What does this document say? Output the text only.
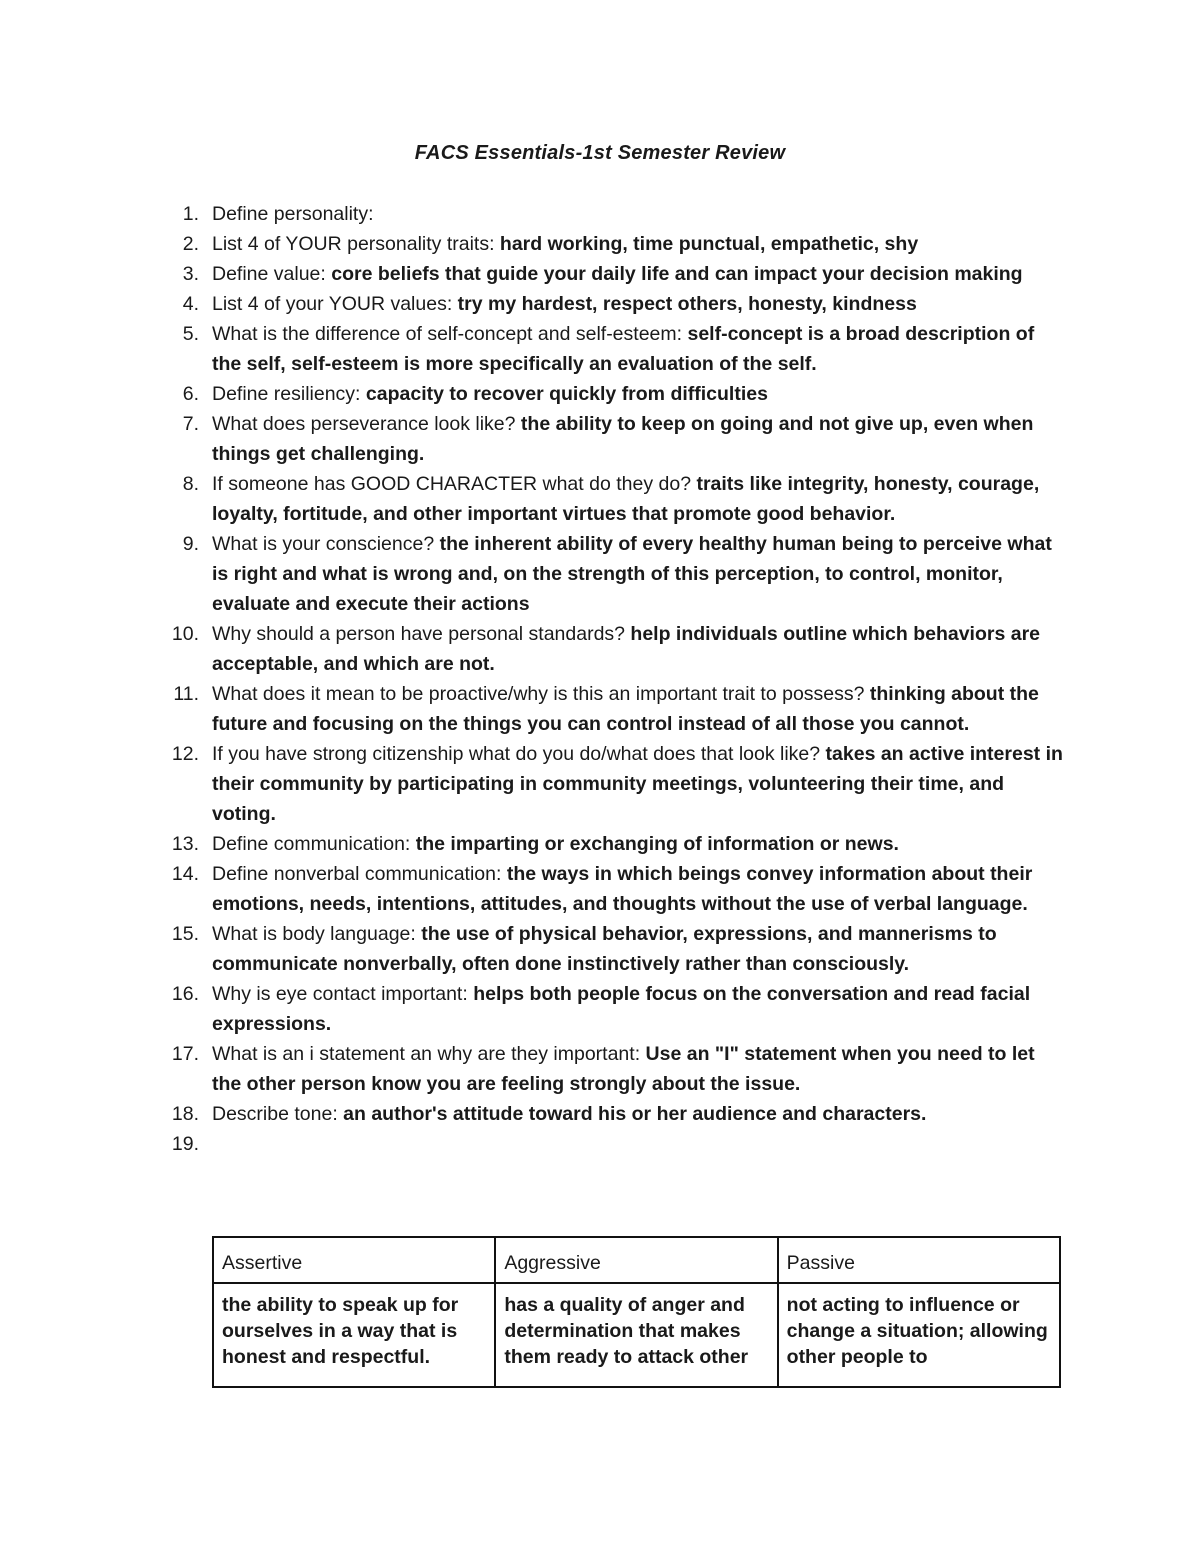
FACS Essentials-1st Semester Review
1. Define personality:
2. List 4 of YOUR personality traits: hard working, time punctual, empathetic, shy
3. Define value: core beliefs that guide your daily life and can impact your decision making
4. List 4 of your YOUR values: try my hardest, respect others, honesty, kindness
5. What is the difference of self-concept and self-esteem: self-concept is a broad description of the self, self-esteem is more specifically an evaluation of the self.
6. Define resiliency: capacity to recover quickly from difficulties
7. What does perseverance look like? the ability to keep on going and not give up, even when things get challenging.
8. If someone has GOOD CHARACTER what do they do? traits like integrity, honesty, courage, loyalty, fortitude, and other important virtues that promote good behavior.
9. What is your conscience? the inherent ability of every healthy human being to perceive what is right and what is wrong and, on the strength of this perception, to control, monitor, evaluate and execute their actions
10. Why should a person have personal standards? help individuals outline which behaviors are acceptable, and which are not.
11. What does it mean to be proactive/why is this an important trait to possess? thinking about the future and focusing on the things you can control instead of all those you cannot.
12. If you have strong citizenship what do you do/what does that look like? takes an active interest in their community by participating in community meetings, volunteering their time, and voting.
13. Define communication: the imparting or exchanging of information or news.
14. Define nonverbal communication: the ways in which beings convey information about their emotions, needs, intentions, attitudes, and thoughts without the use of verbal language.
15. What is body language: the use of physical behavior, expressions, and mannerisms to communicate nonverbally, often done instinctively rather than consciously.
16. Why is eye contact important: helps both people focus on the conversation and read facial expressions.
17. What is an i statement an why are they important: Use an "I" statement when you need to let the other person know you are feeling strongly about the issue.
18. Describe tone: an author's attitude toward his or her audience and characters.
19.
Assertive	Aggressive	Passive
the ability to speak up for ourselves in a way that is honest and respectful.	has a quality of anger and determination that makes them ready to attack other	not acting to influence or change a situation; allowing other people to
